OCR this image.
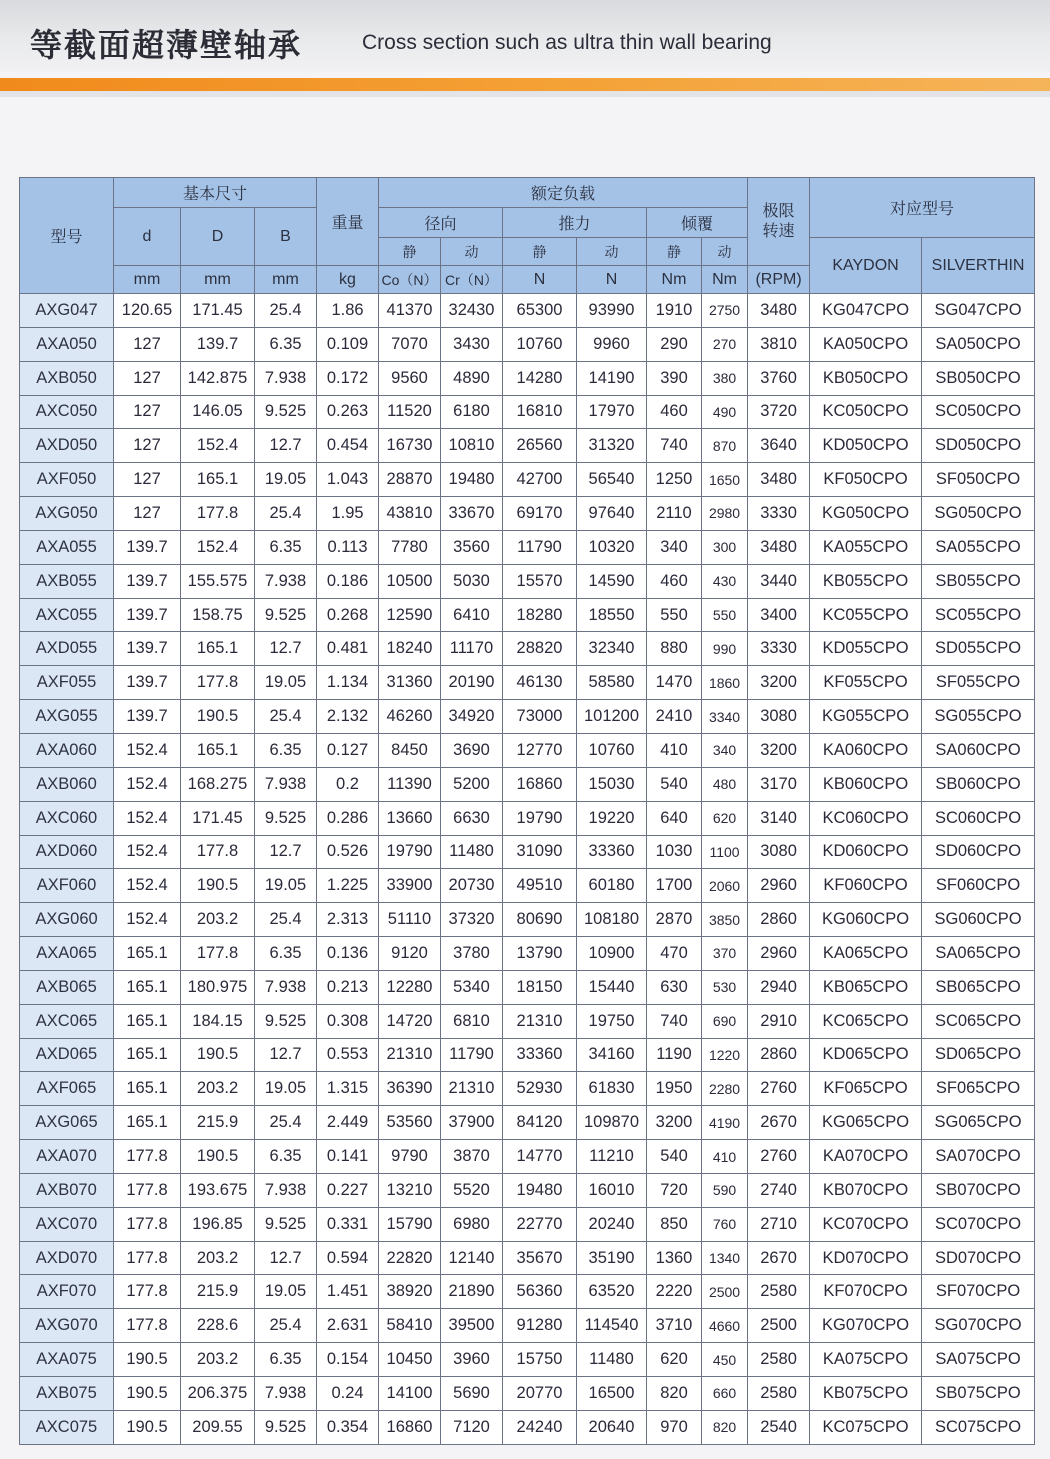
等截面超薄壁轴承	Cross section such as ultra thin wall bearing
型号	基本尺寸			重量	额定负载						极限转速	对应型号	
	d	D	B		径向		推力		倾覆				
					静	动	静	动	静	动		KAYDON	SILVERTHIN
	mm	mm	mm	kg	Co（N）	Cr（N）	N	N	Nm	Nm	(RPM)		
AXG047	120.65	171.45	25.4	1.86	41370	32430	65300	93990	1910	2750	3480	KG047CPO	SG047CPO
AXA050	127	139.7	6.35	0.109	7070	3430	10760	9960	290	270	3810	KA050CPO	SA050CPO
AXB050	127	142.875	7.938	0.172	9560	4890	14280	14190	390	380	3760	KB050CPO	SB050CPO
AXC050	127	146.05	9.525	0.263	11520	6180	16810	17970	460	490	3720	KC050CPO	SC050CPO
AXD050	127	152.4	12.7	0.454	16730	10810	26560	31320	740	870	3640	KD050CPO	SD050CPO
AXF050	127	165.1	19.05	1.043	28870	19480	42700	56540	1250	1650	3480	KF050CPO	SF050CPO
AXG050	127	177.8	25.4	1.95	43810	33670	69170	97640	2110	2980	3330	KG050CPO	SG050CPO
AXA055	139.7	152.4	6.35	0.113	7780	3560	11790	10320	340	300	3480	KA055CPO	SA055CPO
AXB055	139.7	155.575	7.938	0.186	10500	5030	15570	14590	460	430	3440	KB055CPO	SB055CPO
AXC055	139.7	158.75	9.525	0.268	12590	6410	18280	18550	550	550	3400	KC055CPO	SC055CPO
AXD055	139.7	165.1	12.7	0.481	18240	11170	28820	32340	880	990	3330	KD055CPO	SD055CPO
AXF055	139.7	177.8	19.05	1.134	31360	20190	46130	58580	1470	1860	3200	KF055CPO	SF055CPO
AXG055	139.7	190.5	25.4	2.132	46260	34920	73000	101200	2410	3340	3080	KG055CPO	SG055CPO
AXA060	152.4	165.1	6.35	0.127	8450	3690	12770	10760	410	340	3200	KA060CPO	SA060CPO
AXB060	152.4	168.275	7.938	0.2	11390	5200	16860	15030	540	480	3170	KB060CPO	SB060CPO
AXC060	152.4	171.45	9.525	0.286	13660	6630	19790	19220	640	620	3140	KC060CPO	SC060CPO
AXD060	152.4	177.8	12.7	0.526	19790	11480	31090	33360	1030	1100	3080	KD060CPO	SD060CPO
AXF060	152.4	190.5	19.05	1.225	33900	20730	49510	60180	1700	2060	2960	KF060CPO	SF060CPO
AXG060	152.4	203.2	25.4	2.313	51110	37320	80690	108180	2870	3850	2860	KG060CPO	SG060CPO
AXA065	165.1	177.8	6.35	0.136	9120	3780	13790	10900	470	370	2960	KA065CPO	SA065CPO
AXB065	165.1	180.975	7.938	0.213	12280	5340	18150	15440	630	530	2940	KB065CPO	SB065CPO
AXC065	165.1	184.15	9.525	0.308	14720	6810	21310	19750	740	690	2910	KC065CPO	SC065CPO
AXD065	165.1	190.5	12.7	0.553	21310	11790	33360	34160	1190	1220	2860	KD065CPO	SD065CPO
AXF065	165.1	203.2	19.05	1.315	36390	21310	52930	61830	1950	2280	2760	KF065CPO	SF065CPO
AXG065	165.1	215.9	25.4	2.449	53560	37900	84120	109870	3200	4190	2670	KG065CPO	SG065CPO
AXA070	177.8	190.5	6.35	0.141	9790	3870	14770	11210	540	410	2760	KA070CPO	SA070CPO
AXB070	177.8	193.675	7.938	0.227	13210	5520	19480	16010	720	590	2740	KB070CPO	SB070CPO
AXC070	177.8	196.85	9.525	0.331	15790	6980	22770	20240	850	760	2710	KC070CPO	SC070CPO
AXD070	177.8	203.2	12.7	0.594	22820	12140	35670	35190	1360	1340	2670	KD070CPO	SD070CPO
AXF070	177.8	215.9	19.05	1.451	38920	21890	56360	63520	2220	2500	2580	KF070CPO	SF070CPO
AXG070	177.8	228.6	25.4	2.631	58410	39500	91280	114540	3710	4660	2500	KG070CPO	SG070CPO
AXA075	190.5	203.2	6.35	0.154	10450	3960	15750	11480	620	450	2580	KA075CPO	SA075CPO
AXB075	190.5	206.375	7.938	0.24	14100	5690	20770	16500	820	660	2580	KB075CPO	SB075CPO
AXC075	190.5	209.55	9.525	0.354	16860	7120	24240	20640	970	820	2540	KC075CPO	SC075CPO
